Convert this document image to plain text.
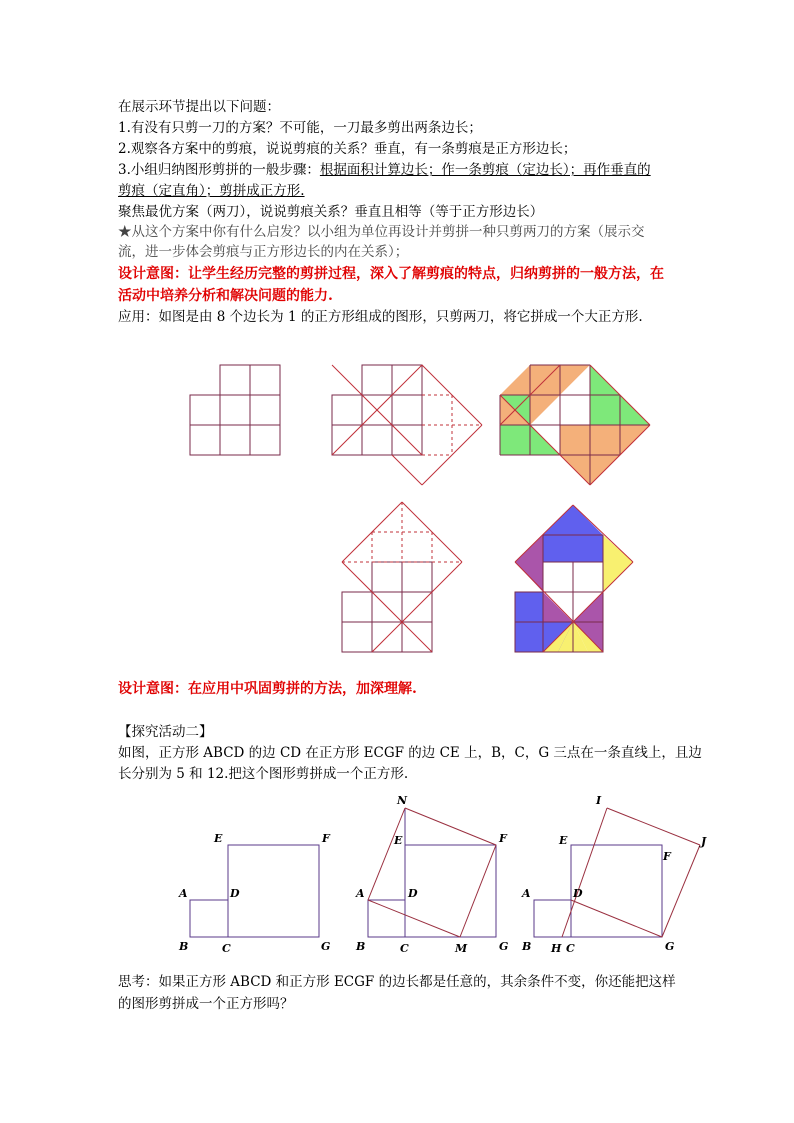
在展示环节提出以下问题：
1.有没有只剪一刀的方案？不可能，一刀最多剪出两条边长；
2.观察各方案中的剪痕，说说剪痕的关系？垂直，有一条剪痕是正方形边长；
3.小组归纳图形剪拼的一般步骤：根据面积计算边长；作一条剪痕（定边长）；再作垂直的
剪痕（定直角）；剪拼成正方形.
聚焦最优方案（两刀），说说剪痕关系？垂直且相等（等于正方形边长）
★从这个方案中你有什么启发？以小组为单位再设计并剪拼一种只剪两刀的方案（展示交
流，进一步体会剪痕与正方形边长的内在关系）；
设计意图：让学生经历完整的剪拼过程，深入了解剪痕的特点，归纳剪拼的一般方法，在
活动中培养分析和解决问题的能力.
应用：如图是由 8 个边长为 1 的正方形组成的图形，只剪两刀，将它拼成一个大正方形.
设计意图：在应用中巩固剪拼的方法，加深理解.
【探究活动二】
如图，正方形 ABCD 的边 CD 在正方形 ECGF 的边 CE 上，B，C，G 三点在一条直线上，且边
长分别为 5 和 12.把这个图形剪拼成一个正方形.
思考：如果正方形 ABCD 和正方形 ECGF 的边长都是任意的，其余条件不变，你还能把这样
的图形剪拼成一个正方形吗？
E	F
A	D
B	C	G
N
E	F
A	D
B	C	M	G
I
E
F
J
A	D
B H C	G
